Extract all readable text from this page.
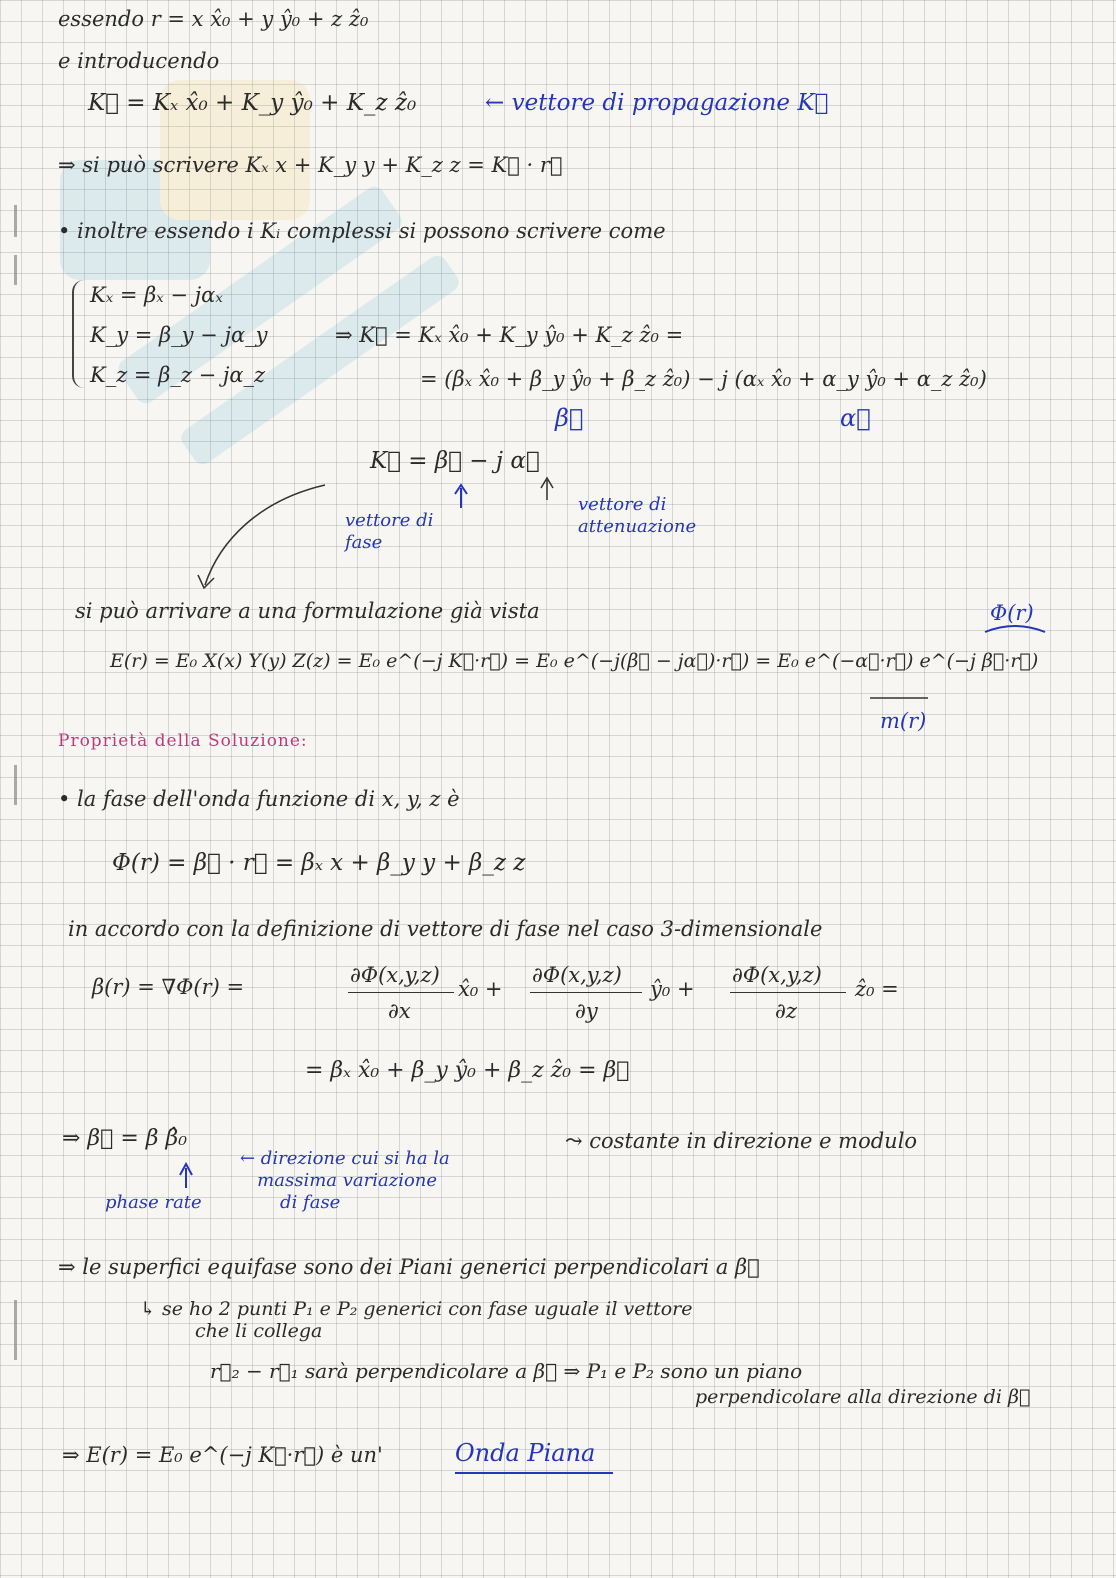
essendo r = x x̂₀ + y ŷ₀ + z ẑ₀
e introducendo
K⃗ = Kₓ x̂₀ + K_y ŷ₀ + K_z ẑ₀	← vettore di propagazione K⃗
⇒ si può scrivere Kₓ x + K_y y + K_z z = K⃗ · r⃗
• inoltre essendo i Kᵢ complessi si possono scrivere come
Kₓ = βₓ − jαₓ
K_y = β_y − jα_y
K_z = β_z − jα_z
⇒ K⃗ = Kₓ x̂₀ + K_y ŷ₀ + K_z ẑ₀ =
= (βₓ x̂₀ + β_y ŷ₀ + β_z ẑ₀) − j (αₓ x̂₀ + α_y ŷ₀ + α_z ẑ₀)
β⃗	α⃗
K⃗ = β⃗ − j α⃗
vettore di
fase
vettore di
attenuazione
si può arrivare a una formulazione già vista	Φ(r)
E(r) = E₀ X(x) Y(y) Z(z) = E₀ e^(−j K⃗·r⃗) = E₀ e^(−j(β⃗ − jα⃗)·r⃗) = E₀ e^(−α⃗·r⃗) e^(−j β⃗·r⃗)
m(r)
Proprietà della Soluzione:
• la fase dell'onda funzione di x, y, z è
Φ(r) = β⃗ · r⃗ = βₓ x + β_y y + β_z z
in accordo con la definizione di vettore di fase nel caso 3-dimensionale
β(r) = ∇Φ(r) =	∂Φ(x,y,z)
∂x
x̂₀ +
∂Φ(x,y,z)
∂y
ŷ₀ +
∂Φ(x,y,z)
∂z
ẑ₀ =
= βₓ x̂₀ + β_y ŷ₀ + β_z ẑ₀ = β⃗
⇒ β⃗ = β β̂₀
← direzione cui si ha la
massima variazione
di fase
phase rate
⤳ costante in direzione e modulo
⇒ le superfici equifase sono dei Piani generici perpendicolari a β⃗
↳ se ho 2 punti P₁ e P₂ generici con fase uguale il vettore
che li collega
r⃗₂ − r⃗₁ sarà perpendicolare a β⃗ ⇒ P₁ e P₂ sono un piano
perpendicolare alla direzione di β⃗
⇒ E(r) = E₀ e^(−j K⃗·r⃗) è un'	Onda Piana
